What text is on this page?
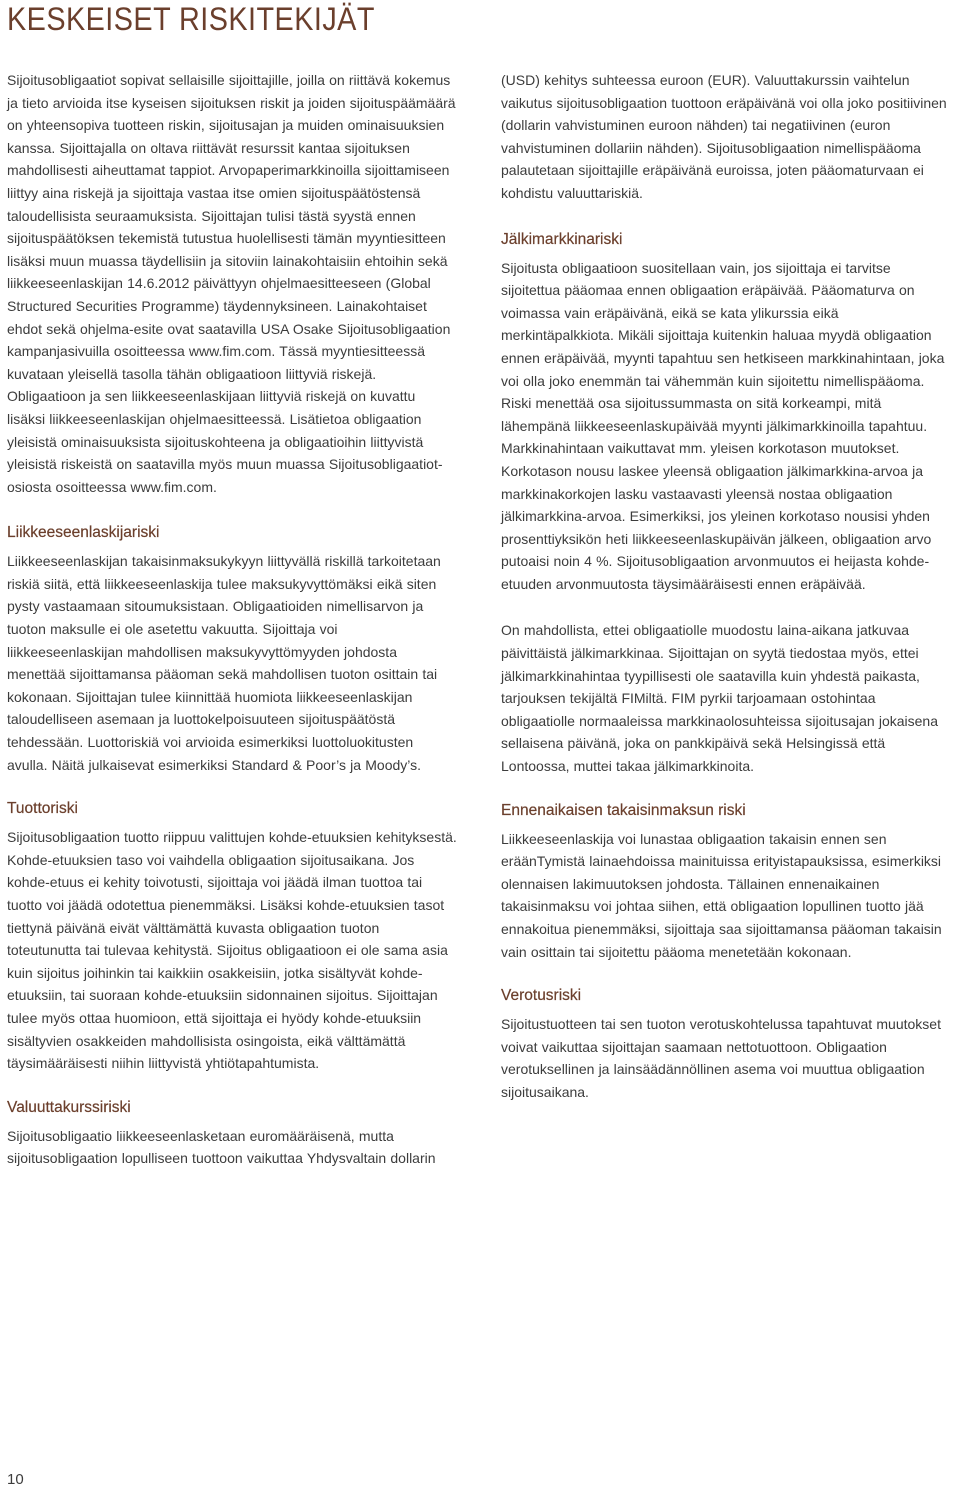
KESKEISET RISKITEKIJÄT

Sijoitusobligaatiot sopivat sellaisille sijoittajille, joilla on riittävä kokemus ja tieto arvioida itse kyseisen sijoituksen riskit ja joiden sijoituspäämäärä on yhteensopiva tuotteen riskin, sijoitusajan ja muiden ominaisuuksien kanssa. Sijoittajalla on oltava riittävät resurssit kantaa sijoituksen mahdollisesti aiheuttamat tappiot. Arvopaperimarkkinoilla sijoittamiseen liittyy aina riskejä ja sijoittaja vastaa itse omien sijoituspäätöstensä taloudellisista seuraamuksista. Sijoittajan tulisi tästä syystä ennen sijoituspäätöksen tekemistä tutustua huolellisesti tämän myyntiesitteen lisäksi muun muassa täydellisiin ja sitoviin lainakohtaisiin ehtoihin sekä liikkeeseenlaskijan 14.6.2012 päivättyyn ohjelmaesitteeseen (Global Structured Securities Programme) täydennyksineen. Lainakohtaiset ehdot sekä ohjelma-esite ovat saatavilla USA Osake Sijoitusobligaation kampanjasivuilla osoitteessa www.fim.com. Tässä myyntiesitteessä kuvataan yleisellä tasolla tähän obligaatioon liittyviä riskejä. Obligaatioon ja sen liikkeeseenlaskijaan liittyviä riskejä on kuvattu lisäksi liikkeeseenlaskijan ohjelmaesitteessä. Lisätietoa obligaation yleisistä ominaisuuksista sijoituskohteena ja obligaatioihin liittyvistä yleisistä riskeistä on saatavilla myös muun muassa Sijoitusobligaatiot-osiosta osoitteessa www.fim.com.

Liikkeeseenlaskijariski

Liikkeeseenlaskijan takaisinmaksukykyyn liittyvällä riskillä tarkoitetaan riskiä siitä, että liikkeeseenlaskija tulee maksukyvyttömäksi eikä siten pysty vastaamaan sitoumuksistaan. Obligaatioiden nimellisarvon ja tuoton maksulle ei ole asetettu vakuutta. Sijoittaja voi liikkeeseenlaskijan mahdollisen maksukyvyttömyyden johdosta menettää sijoittamansa pääoman sekä mahdollisen tuoton osittain tai kokonaan. Sijoittajan tulee kiinnittää huomiota liikkeeseenlaskijan taloudelliseen asemaan ja luottokelpoisuuteen sijoituspäätöstä tehdessään. Luottoriskiä voi arvioida esimerkiksi luottoluokitusten avulla. Näitä julkaisevat esimerkiksi Standard & Poor’s ja Moody’s.

Tuottoriski

Sijoitusobligaation tuotto riippuu valittujen kohde-etuuksien kehityksestä. Kohde-etuuksien taso voi vaihdella obligaation sijoitusaikana. Jos kohde-etuus ei kehity toivotusti, sijoittaja voi jäädä ilman tuottoa tai tuotto voi jäädä odotettua pienemmäksi. Lisäksi kohde-etuuksien tasot tiettynä päivänä eivät välttämättä kuvasta obligaation tuoton toteutunutta tai tulevaa kehitystä. Sijoitus obligaatioon ei ole sama asia kuin sijoitus joihinkin tai kaikkiin osakkeisiin, jotka sisältyvät kohde-etuuksiin, tai suoraan kohde-etuuksiin sidonnainen sijoitus. Sijoittajan tulee myös ottaa huomioon, että sijoittaja ei hyödy kohde-etuuksiin sisältyvien osakkeiden mahdollisista osingoista, eikä välttämättä täysimääräisesti niihin liittyvistä yhtiötapahtumista.

Valuuttakurssiriski

Sijoitusobligaatio liikkeeseenlasketaan euromääräisenä, mutta sijoitusobligaation lopulliseen tuottoon vaikuttaa Yhdysvaltain dollarin

(USD) kehitys suhteessa euroon (EUR). Valuuttakurssin vaihtelun vaikutus sijoitusobligaation tuottoon eräpäivänä voi olla joko positiivinen (dollarin vahvistuminen euroon nähden) tai negatiivinen (euron vahvistuminen dollariin nähden). Sijoitusobligaation nimellispääoma palautetaan sijoittajille eräpäivänä euroissa, joten pääomaturvaan ei kohdistu valuuttariskiä.

Jälkimarkkinariski

Sijoitusta obligaatioon suositellaan vain, jos sijoittaja ei tarvitse sijoitettua pääomaa ennen obligaation eräpäivää. Pääomaturva on voimassa vain eräpäivänä, eikä se kata ylikurssia eikä merkintäpalkkiota. Mikäli sijoittaja kuitenkin haluaa myydä obligaation ennen eräpäivää, myynti tapahtuu sen hetkiseen markkinahintaan, joka voi olla joko enemmän tai vähemmän kuin sijoitettu nimellispääoma. Riski menettää osa sijoitussummasta on sitä korkeampi, mitä lähempänä liikkeeseenlaskupäivää myynti jälkimarkkinoilla tapahtuu. Markkinahintaan vaikuttavat mm. yleisen korkotason muutokset. Korkotason nousu laskee yleensä obligaation jälkimarkkina-arvoa ja markkinakorkojen lasku vastaavasti yleensä nostaa obligaation jälkimarkkina-arvoa. Esimerkiksi, jos yleinen korkotaso nousisi yhden prosenttiyksikön heti liikkeeseenlaskupäivän jälkeen, obligaation arvo putoaisi noin 4 %. Sijoitusobligaation arvonmuutos ei heijasta kohde-etuuden arvonmuutosta täysimääräisesti ennen eräpäivää.

On mahdollista, ettei obligaatiolle muodostu laina-aikana jatkuvaa päivittäistä jälkimarkkinaa. Sijoittajan on syytä tiedostaa myös, ettei jälkimarkkinahintaa tyypillisesti ole saatavilla kuin yhdestä paikasta, tarjouksen tekijältä FIMiltä. FIM pyrkii tarjoamaan ostohintaa obligaatiolle normaaleissa markkinaolosuhteissa sijoitusajan jokaisena sellaisena päivänä, joka on pankkipäivä sekä Helsingissä että Lontoossa, muttei takaa jälkimarkkinoita.

Ennenaikaisen takaisinmaksun riski

Liikkeeseenlaskija voi lunastaa obligaation takaisin ennen sen eräänTymistä lainaehdoissa mainituissa erityistapauksissa, esimerkiksi olennaisen lakimuutoksen johdosta. Tällainen ennenaikainen takaisinmaksu voi johtaa siihen, että obligaation lopullinen tuotto jää ennakoitua pienemmäksi, sijoittaja saa sijoittamansa pääoman takaisin vain osittain tai sijoitettu pääoma menetetään kokonaan.

Verotusriski

Sijoitustuotteen tai sen tuoton verotuskohtelussa tapahtuvat muutokset voivat vaikuttaa sijoittajan saamaan nettotuottoon. Obligaation verotuksellinen ja lainsäädännöllinen asema voi muuttua obligaation sijoitusaikana.

10
